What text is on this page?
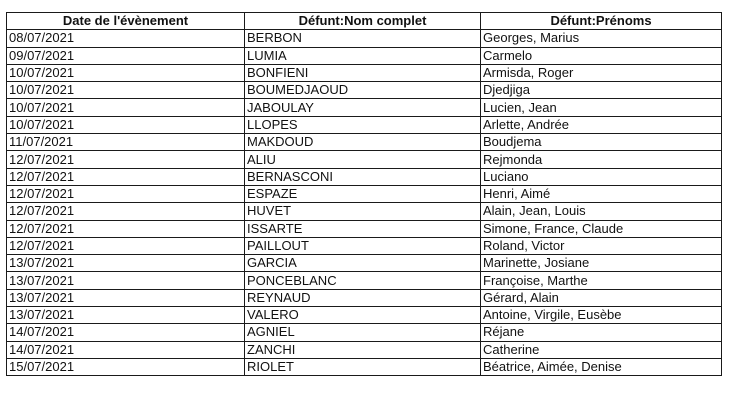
Date de l'évènement	Défunt:Nom complet	Défunt:Prénoms
08/07/2021	BERBON	Georges, Marius
09/07/2021	LUMIA	Carmelo
10/07/2021	BONFIENI	Armisda, Roger
10/07/2021	BOUMEDJAOUD	Djedjiga
10/07/2021	JABOULAY	Lucien, Jean
10/07/2021	LLOPES	Arlette, Andrée
11/07/2021	MAKDOUD	Boudjema
12/07/2021	ALIU	Rejmonda
12/07/2021	BERNASCONI	Luciano
12/07/2021	ESPAZE	Henri, Aimé
12/07/2021	HUVET	Alain, Jean, Louis
12/07/2021	ISSARTE	Simone, France, Claude
12/07/2021	PAILLOUT	Roland, Victor
13/07/2021	GARCIA	Marinette, Josiane
13/07/2021	PONCEBLANC	Françoise, Marthe
13/07/2021	REYNAUD	Gérard, Alain
13/07/2021	VALERO	Antoine, Virgile, Eusèbe
14/07/2021	AGNIEL	Réjane
14/07/2021	ZANCHI	Catherine
15/07/2021	RIOLET	Béatrice, Aimée, Denise
